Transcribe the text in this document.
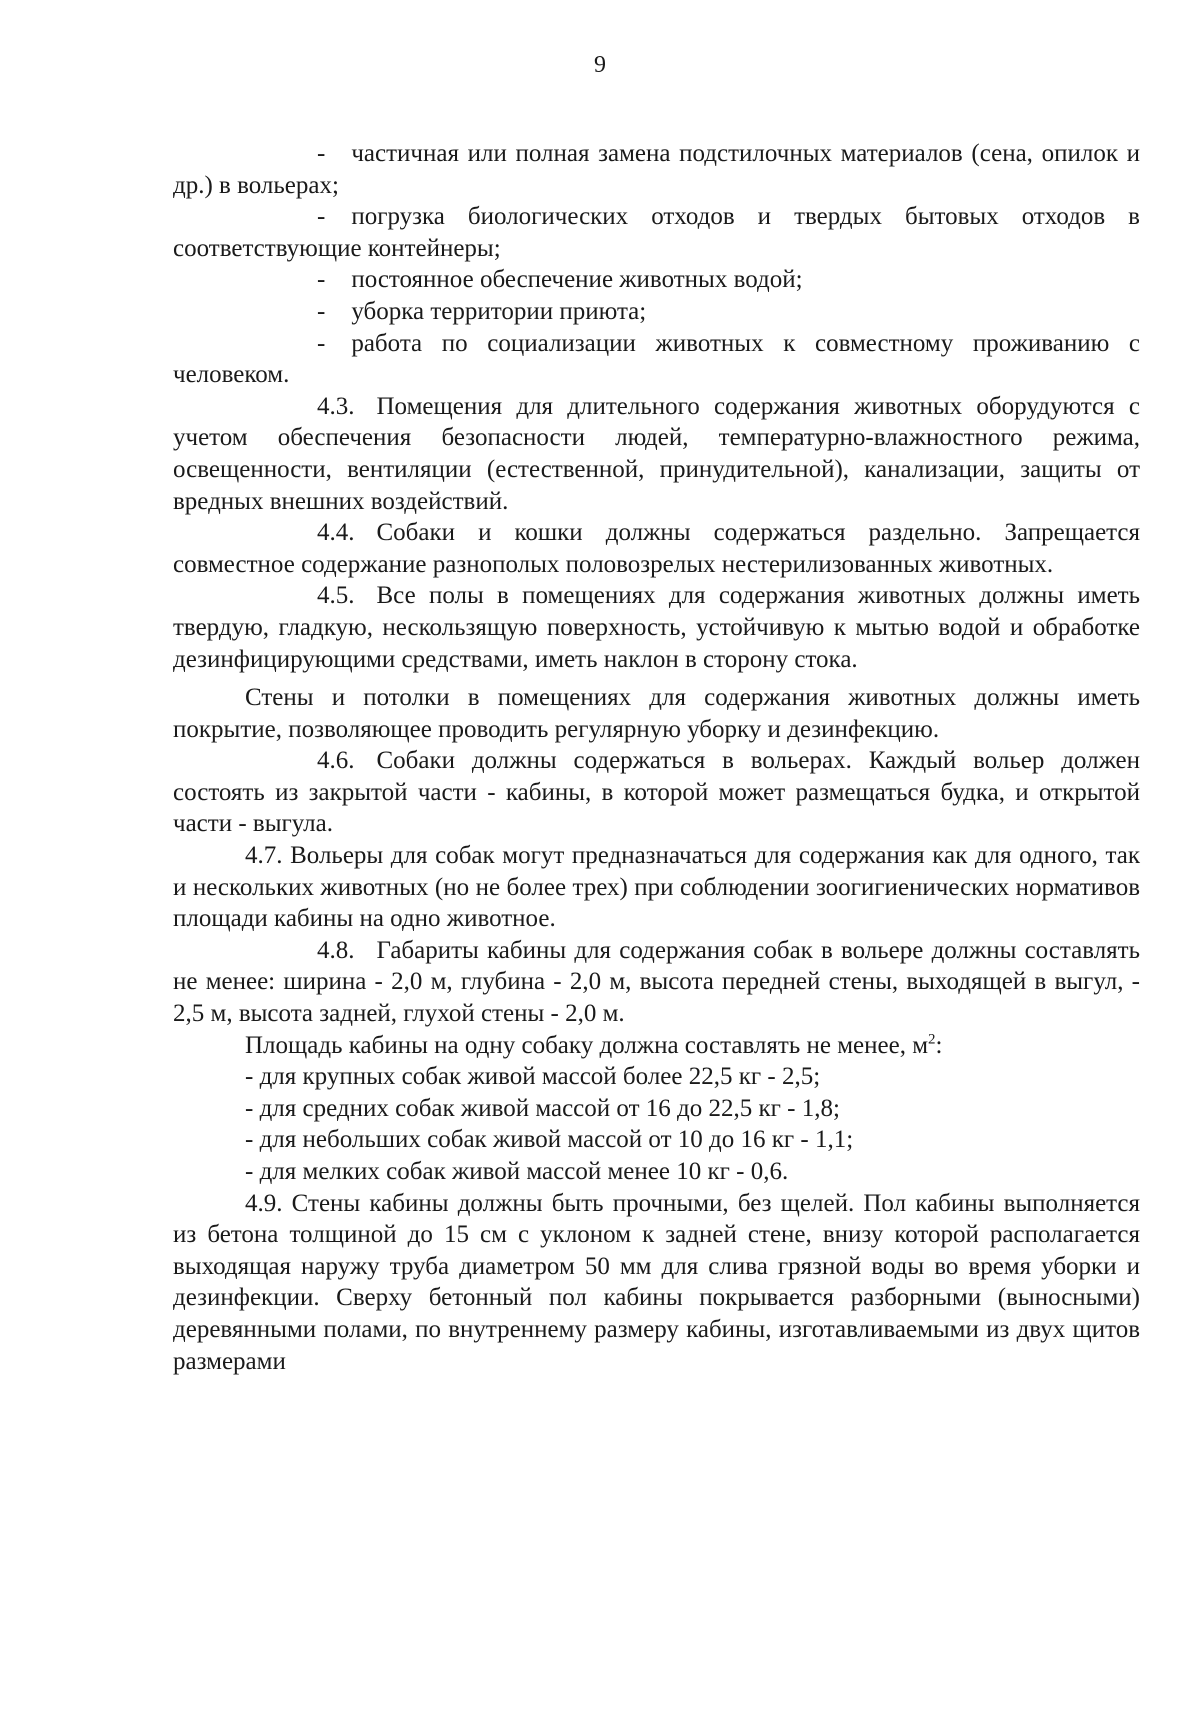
9

- частичная или полная замена подстилочных материалов (сена, опилок и др.) в вольерах;

- погрузка биологических отходов и твердых бытовых отходов в соответствующие контейнеры;

- постоянное обеспечение животных водой;

- уборка территории приюта;

- работа по социализации животных к совместному проживанию с человеком.

4.3. Помещения для длительного содержания животных оборудуются с учетом обеспечения безопасности людей, температурно-влажностного режима, освещенности, вентиляции (естественной, принудительной), канализации, защиты от вредных внешних воздействий.

4.4. Собаки и кошки должны содержаться раздельно. Запрещается совместное содержание разнополых половозрелых нестерилизованных животных.

4.5. Все полы в помещениях для содержания животных должны иметь твердую, гладкую, нескользящую поверхность, устойчивую к мытью водой и обработке дезинфицирующими средствами, иметь наклон в сторону стока.

Стены и потолки в помещениях для содержания животных должны иметь покрытие, позволяющее проводить регулярную уборку и дезинфекцию.

4.6. Собаки должны содержаться в вольерах. Каждый вольер должен состоять из закрытой части - кабины, в которой может размещаться будка, и открытой части - выгула.

4.7. Вольеры для собак могут предназначаться для содержания как для одного, так и нескольких животных (но не более трех) при соблюдении зоогигиенических нормативов площади кабины на одно животное.

4.8. Габариты кабины для содержания собак в вольере должны составлять не менее: ширина - 2,0 м, глубина - 2,0 м, высота передней стены, выходящей в выгул, - 2,5 м, высота задней, глухой стены - 2,0 м.

Площадь кабины на одну собаку должна составлять не менее, $м^2$:

- для крупных собак живой массой более 22,5 кг - 2,5;

- для средних собак живой массой от 16 до 22,5 кг - 1,8;

- для небольших собак живой массой от 10 до 16 кг - 1,1;

- для мелких собак живой массой менее 10 кг - 0,6.

4.9. Стены кабины должны быть прочными, без щелей. Пол кабины выполняется из бетона толщиной до 15 см с уклоном к задней стене, внизу которой располагается выходящая наружу труба диаметром 50 мм для слива грязной воды во время уборки и дезинфекции. Сверху бетонный пол кабины покрывается разборными (выносными) деревянными полами, по внутреннему размеру кабины, изготавливаемыми из двух щитов размерами
